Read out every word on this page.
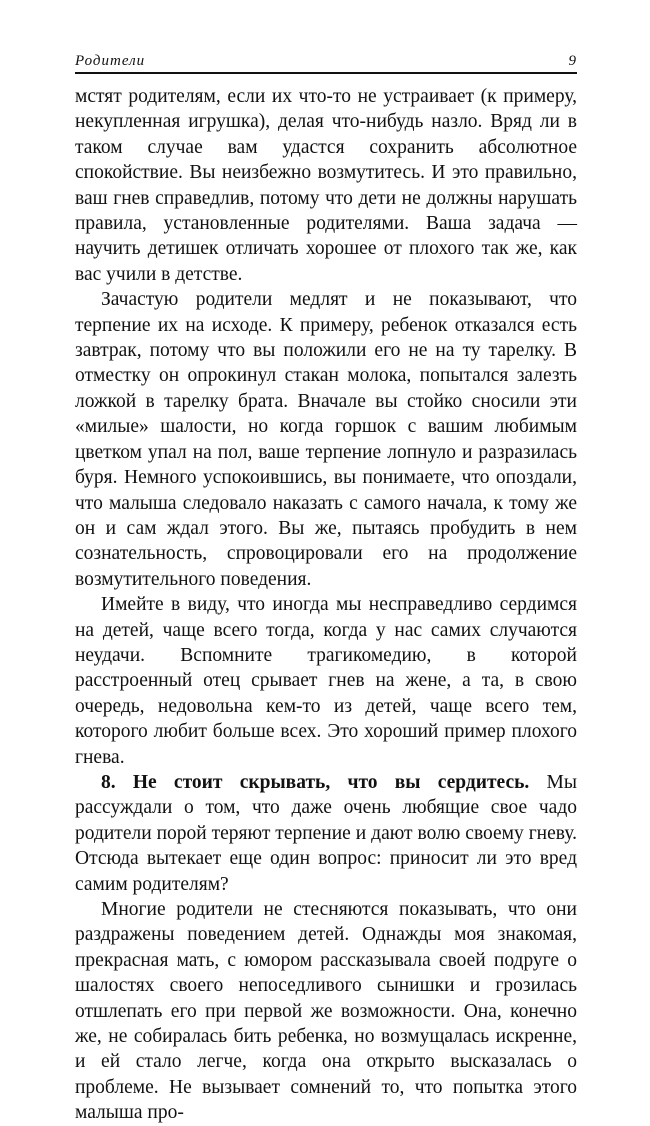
Родители	9

мстят родителям, если их что-то не устраивает (к примеру, некупленная игрушка), делая что-нибудь назло. Вряд ли в таком случае вам удастся сохранить абсолютное спокойствие. Вы неизбежно возмутитесь. И это правильно, ваш гнев справедлив, потому что дети не должны нарушать правила, установленные родителями. Ваша задача — научить детишек отличать хорошее от плохого так же, как вас учили в детстве.

Зачастую родители медлят и не показывают, что терпение их на исходе. К примеру, ребенок отказался есть завтрак, потому что вы положили его не на ту тарелку. В отместку он опрокинул стакан молока, попытался залезть ложкой в тарелку брата. Вначале вы стойко сносили эти «милые» шалости, но когда горшок с вашим любимым цветком упал на пол, ваше терпение лопнуло и разразилась буря. Немного успокоившись, вы понимаете, что опоздали, что малыша следовало наказать с самого начала, к тому же он и сам ждал этого. Вы же, пытаясь пробудить в нем сознательность, спровоцировали его на продолжение возмутительного поведения.

Имейте в виду, что иногда мы несправедливо сердимся на детей, чаще всего тогда, когда у нас самих случаются неудачи. Вспомните трагикомедию, в которой расстроенный отец срывает гнев на жене, а та, в свою очередь, недовольна кем-то из детей, чаще всего тем, которого любит больше всех. Это хороший пример плохого гнева.

8. Не стоит скрывать, что вы сердитесь. Мы рассуждали о том, что даже очень любящие свое чадо родители порой теряют терпение и дают волю своему гневу. Отсюда вытекает еще один вопрос: приносит ли это вред самим родителям?

Многие родители не стесняются показывать, что они раздражены поведением детей. Однажды моя знакомая, прекрасная мать, с юмором рассказывала своей подруге о шалостях своего непоседливого сынишки и грозилась отшлепать его при первой же возможности. Она, конечно же, не собиралась бить ребенка, но возмущалась искренне, и ей стало легче, когда она открыто высказалась о проблеме. Не вызывает сомнений то, что попытка этого малыша про-
